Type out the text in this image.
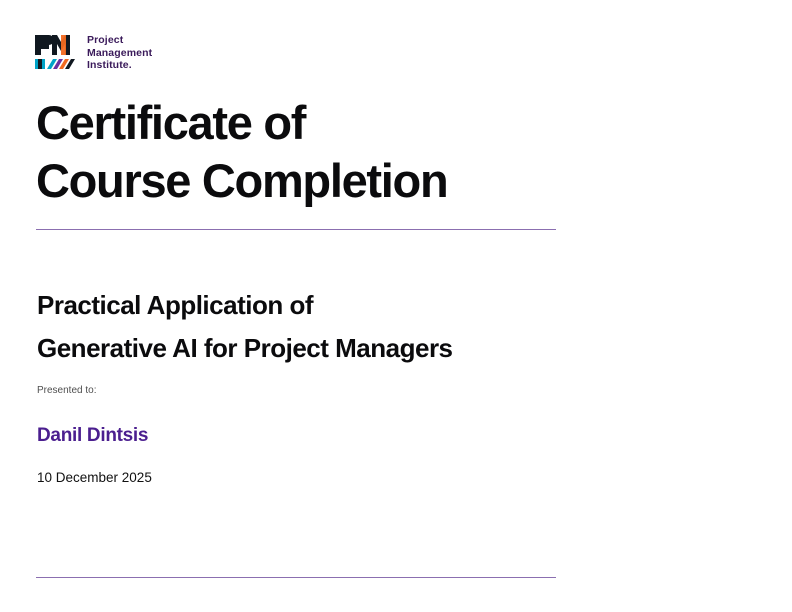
Project
Management
Institute.
Certificate of
Course Completion
Practical Application of
Generative AI for Project Managers
Presented to:
Danil Dintsis
10 December 2025
